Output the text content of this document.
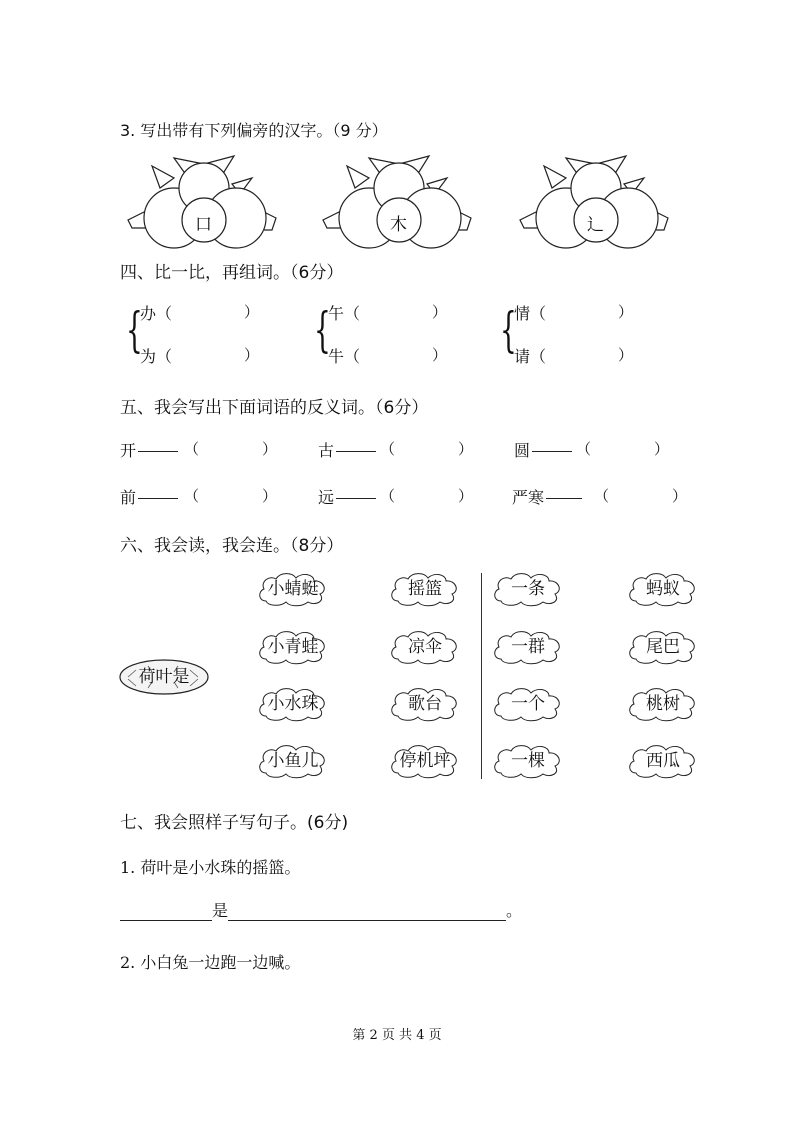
3. 写出带有下列偏旁的汉字。（9 分）
口	木	辶
四、比一比，再组词。（6分）
{
办（	）
为（	） {
午（	）
牛（	） {
情（	）
请（	）
五、我会写出下面词语的反义词。（6分）
开	（	）	古	（	）	圆	（	）
前	（	）	远	（	） 严寒	（	）
六、我会读，我会连。（8分）
荷叶是
小蜻蜓
小青蛙
小水珠
小鱼儿
摇篮
凉伞
歌台
停机坪
一条
一群
一个
一棵
蚂蚁
尾巴
桃树
西瓜
七、我会照样子写句子。(6分)
1. 荷叶是小水珠的摇篮。
是	。
2. 小白兔一边跑一边喊。
第 2 页 共 4 页
